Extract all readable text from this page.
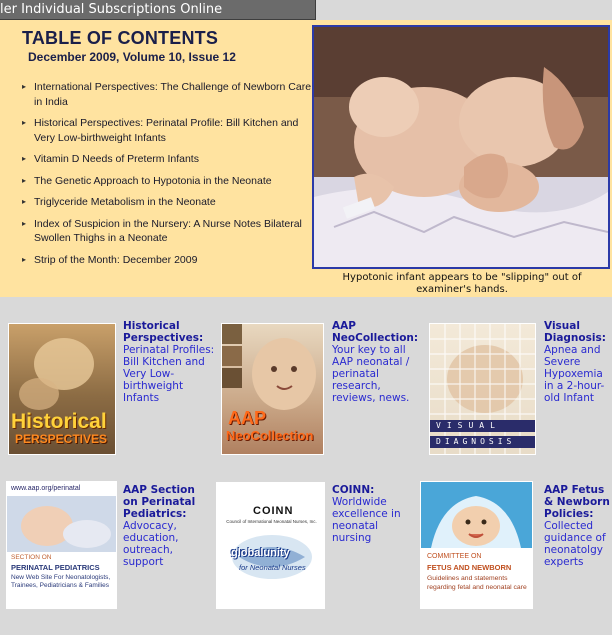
ler Individual Subscriptions Online
TABLE OF CONTENTS
December 2009, Volume 10, Issue 12
▸ International Perspectives: The Challenge of Newborn Care in India
▸ Historical Perspectives: Perinatal Profile: Bill Kitchen and Very Low-birthweight Infants
▸ Vitamin D Needs of Preterm Infants
▸ The Genetic Approach to Hypotonia in the Neonate
▸ Triglyceride Metabolism in the Neonate
▸ Index of Suspicion in the Nursery: A Nurse Notes Bilateral Swollen Thighs in a Neonate
▸ Strip of the Month: December 2009
Hypotonic infant appears to be "slipping" out of examiner's hands.
Historical
PERSPECTIVES
Historical Perspectives:
Perinatal Profiles: Bill Kitchen and Very Low-birthweight Infants
AAP
NeoCollection
AAP NeoCollection:
Your key to all AAP neonatal / perinatal research, reviews, news.
VISUAL
DIAGNOSIS
Visual Diagnosis:
Apnea and Severe Hypoxemia in a 2-hour-old Infant
www.aap.org/perinatal
SECTION ON
PERINATAL PEDIATRICS
New Web Site For Neonatologists, Trainees, Pediatricians & Families
AAP Section on Perinatal Pediatrics:
Advocacy, education, outreach, support
COINN
Council of International Neonatal Nurses, Inc.
globalunity
for Neonatal Nurses
COINN:
Worldwide excellence in neonatal nursing
COMMITTEE ON
FETUS AND NEWBORN
Guidelines and statements regarding fetal and neonatal care
AAP Fetus & Newborn Policies:
Collected guidance of neonatolgy experts
